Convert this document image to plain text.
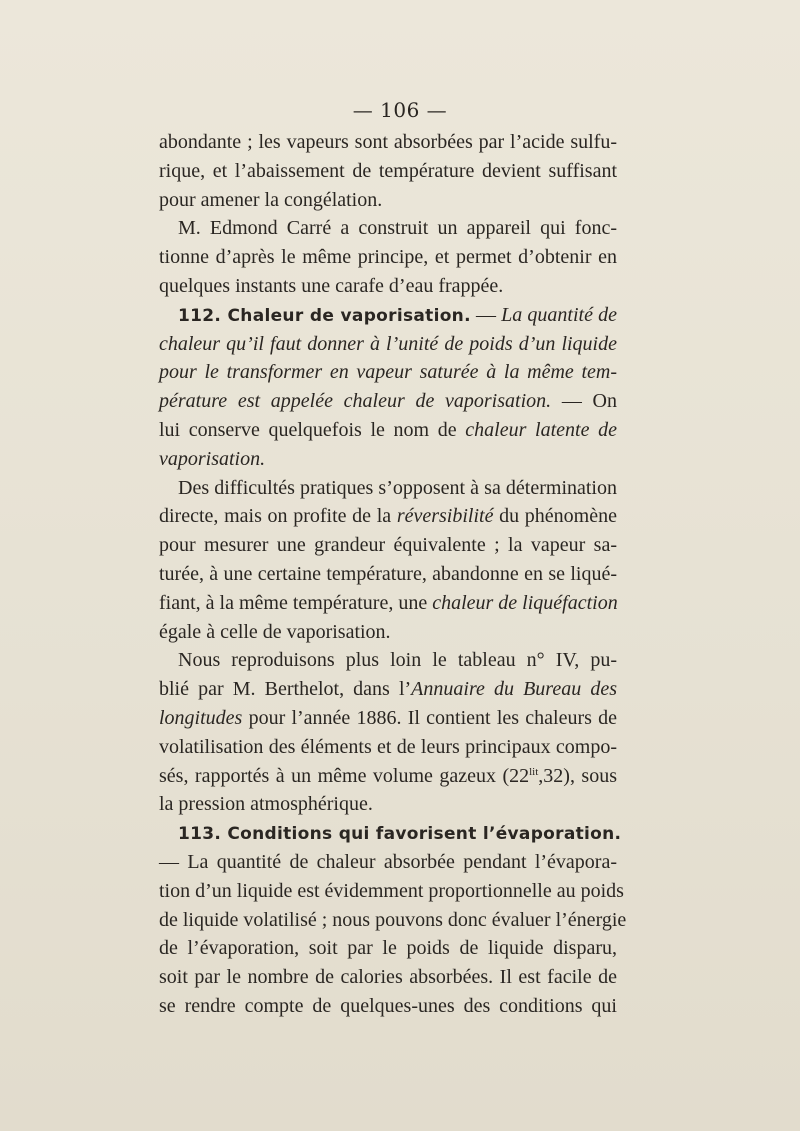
— 106 —
abondante ; les vapeurs sont absorbées par l’acide sulfu-
rique, et l’abaissement de température devient suffisant
pour amener la congélation.
M. Edmond Carré a construit un appareil qui fonc-
tionne d’après le même principe, et permet d’obtenir en
quelques instants une carafe d’eau frappée.
112. Chaleur de vaporisation. — La quantité de
chaleur qu’il faut donner à l’unité de poids d’un liquide
pour le transformer en vapeur saturée à la même tem-
pérature est appelée chaleur de vaporisation. — On
lui conserve quelquefois le nom de chaleur latente de
vaporisation.
Des difficultés pratiques s’opposent à sa détermination
directe, mais on profite de la réversibilité du phénomène
pour mesurer une grandeur équivalente ; la vapeur sa-
turée, à une certaine température, abandonne en se liqué-
fiant, à la même température, une chaleur de liquéfaction
égale à celle de vaporisation.
Nous reproduisons plus loin le tableau n° IV, pu-
blié par M. Berthelot, dans l’Annuaire du Bureau des
longitudes pour l’année 1886. Il contient les chaleurs de
volatilisation des éléments et de leurs principaux compo-
sés, rapportés à un même volume gazeux $(22^{lit},32)$, sous
la pression atmosphérique.
113. Conditions qui favorisent l’évaporation.
— La quantité de chaleur absorbée pendant l’évapora-
tion d’un liquide est évidemment proportionnelle au poids
de liquide volatilisé ; nous pouvons donc évaluer l’énergie
de l’évaporation, soit par le poids de liquide disparu,
soit par le nombre de calories absorbées. Il est facile de
se rendre compte de quelques-unes des conditions qui
